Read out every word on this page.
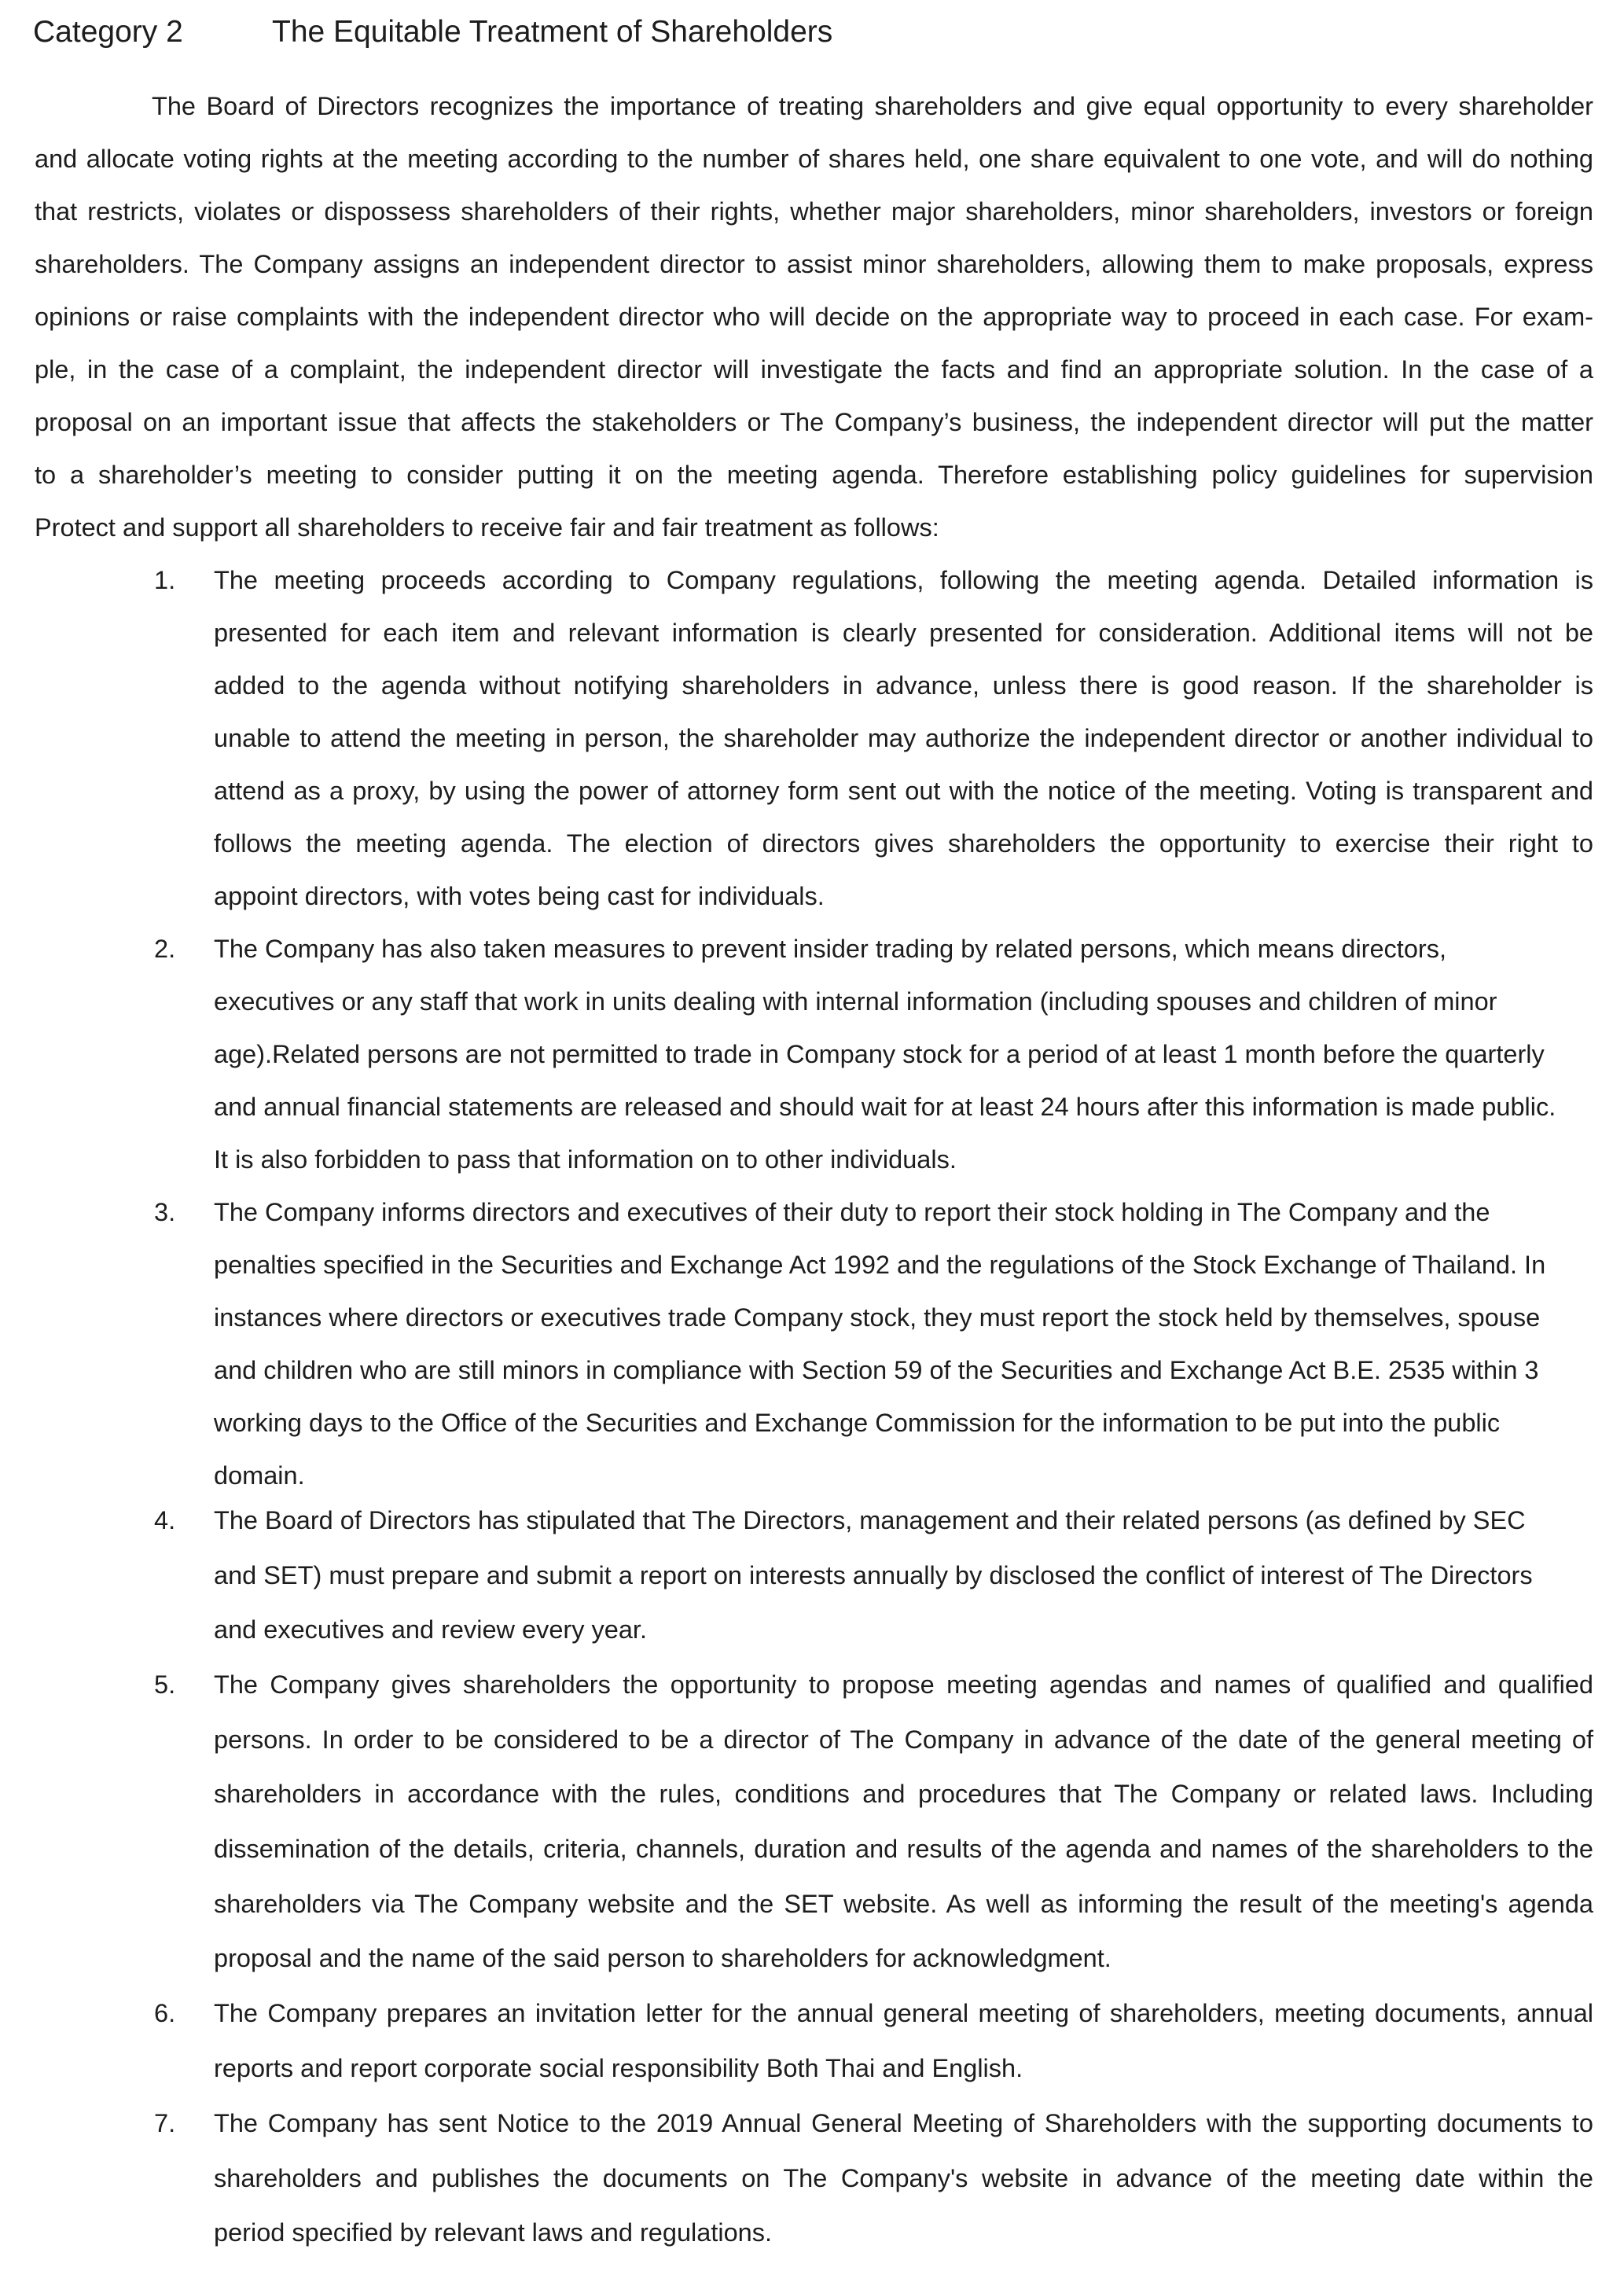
Category 2	The Equitable Treatment of Shareholders
The Board of Directors recognizes the importance of treating shareholders and give equal opportunity to every shareholder
and allocate voting rights at the meeting according to the number of shares held, one share equivalent to one vote, and will do nothing
that restricts, violates or dispossess shareholders of their rights, whether major shareholders, minor shareholders, investors or foreign
shareholders. The Company assigns an independent director to assist minor shareholders, allowing them to make proposals, express
opinions or raise complaints with the independent director who will decide on the appropriate way to proceed in each case. For exam-
ple, in the case of a complaint, the independent director will investigate the facts and find an appropriate solution. In the case of a
proposal on an important issue that affects the stakeholders or The Company’s business, the independent director will put the matter
to a shareholder’s meeting to consider putting it on the meeting agenda. Therefore establishing policy guidelines for supervision
Protect and support all shareholders to receive fair and fair treatment as follows:
1. The meeting proceeds according to Company regulations, following the meeting agenda. Detailed information is
presented for each item and relevant information is clearly presented for consideration. Additional items will not be
added to the agenda without notifying shareholders in advance, unless there is good reason. If the shareholder is
unable to attend the meeting in person, the shareholder may authorize the independent director or another individual to
attend as a proxy, by using the power of attorney form sent out with the notice of the meeting. Voting is transparent and
follows the meeting agenda. The election of directors gives shareholders the opportunity to exercise their right to
appoint directors, with votes being cast for individuals.
2. The Company has also taken measures to prevent insider trading by related persons, which means directors,
executives or any staff that work in units dealing with internal information (including spouses and children of minor
age).Related persons are not permitted to trade in Company stock for a period of at least 1 month before the quarterly
and annual financial statements are released and should wait for at least 24 hours after this information is made public.
It is also forbidden to pass that information on to other individuals.
3. The Company informs directors and executives of their duty to report their stock holding in The Company and the
penalties specified in the Securities and Exchange Act 1992 and the regulations of the Stock Exchange of Thailand. In
instances where directors or executives trade Company stock, they must report the stock held by themselves, spouse
and children who are still minors in compliance with Section 59 of the Securities and Exchange Act B.E. 2535 within 3
working days to the Office of the Securities and Exchange Commission for the information to be put into the public
domain.
4. The Board of Directors has stipulated that The Directors, management and their related persons (as defined by SEC
and SET) must prepare and submit a report on interests annually by disclosed the conflict of interest of The Directors
and executives and review every year.
5. The Company gives shareholders the opportunity to propose meeting agendas and names of qualified and qualified
persons. In order to be considered to be a director of The Company in advance of the date of the general meeting of
shareholders in accordance with the rules, conditions and procedures that The Company or related laws. Including
dissemination of the details, criteria, channels, duration and results of the agenda and names of the shareholders to the
shareholders via The Company website and the SET website. As well as informing the result of the meeting's agenda
proposal and the name of the said person to shareholders for acknowledgment.
6. The Company prepares an invitation letter for the annual general meeting of shareholders, meeting documents, annual
reports and report corporate social responsibility Both Thai and English.
7. The Company has sent Notice to the 2019 Annual General Meeting of Shareholders with the supporting documents to
shareholders and publishes the documents on The Company's website in advance of the meeting date within the
period specified by relevant laws and regulations.
